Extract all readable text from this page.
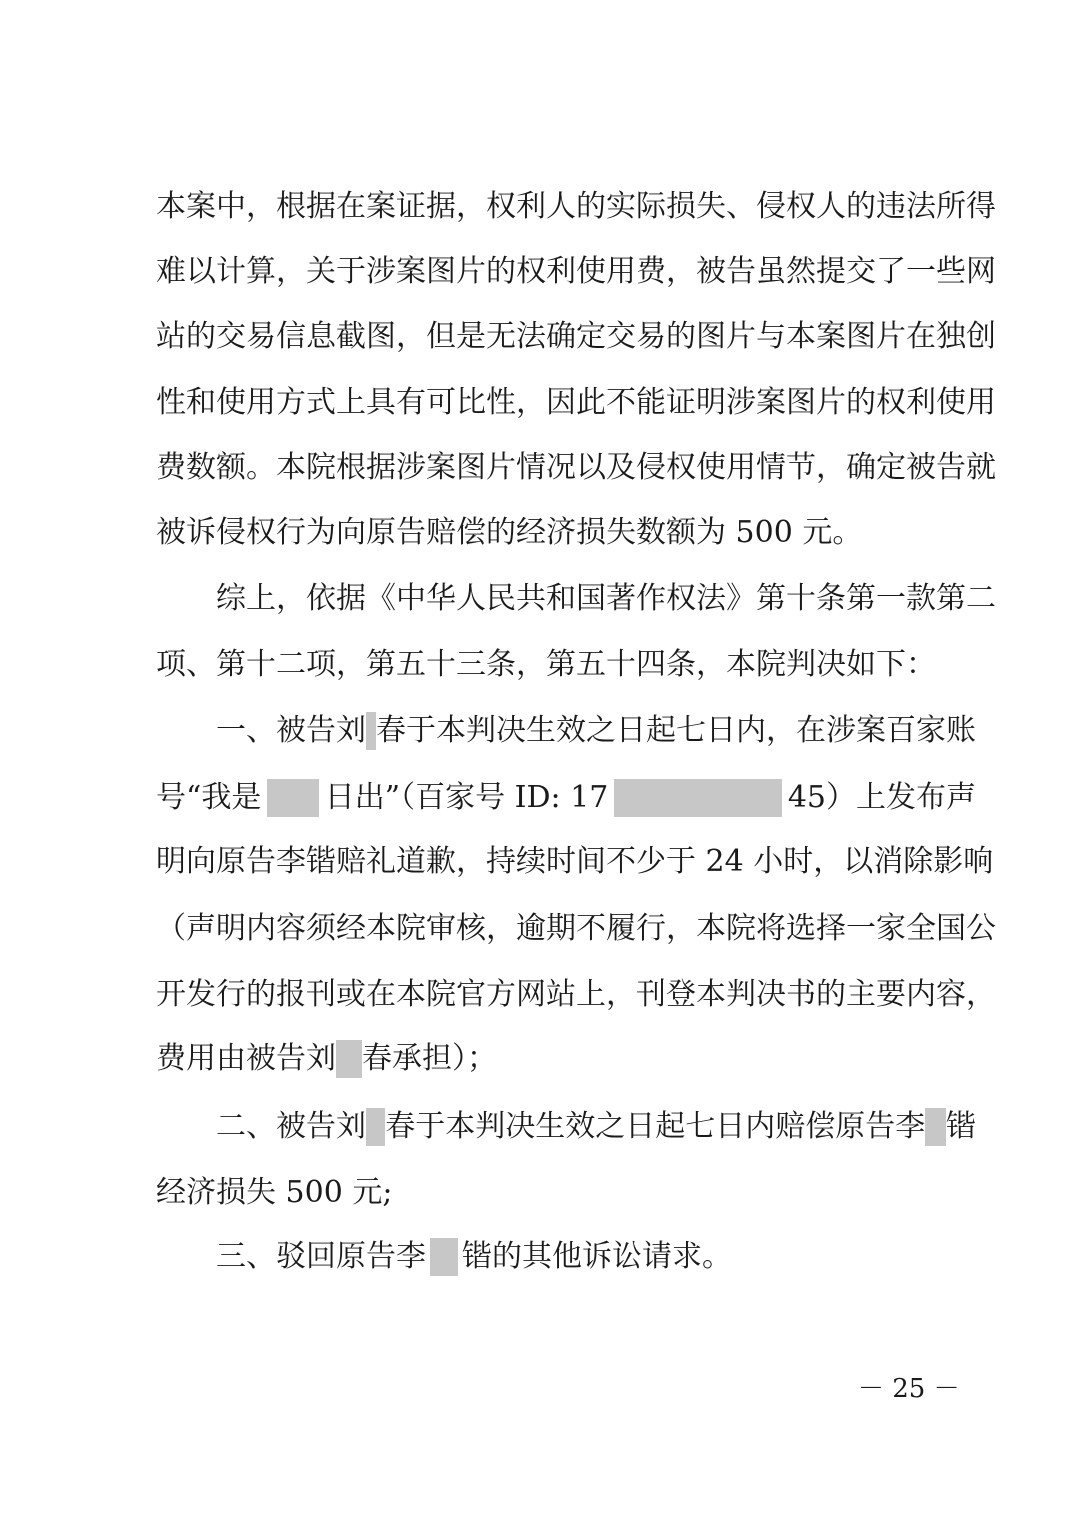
本案中，根据在案证据，权利人的实际损失、侵权人的违法所得
难以计算，关于涉案图片的权利使用费，被告虽然提交了一些网
站的交易信息截图，但是无法确定交易的图片与本案图片在独创
性和使用方式上具有可比性，因此不能证明涉案图片的权利使用
费数额。本院根据涉案图片情况以及侵权使用情节，确定被告就
被诉侵权行为向原告赔偿的经济损失数额为 500 元。
综上，依据《中华人民共和国著作权法》第十条第一款第二
项、第十二项，第五十三条，第五十四条，本院判决如下：
一、被告刘 春于本判决生效之日起七日内，在涉案百家账
号“我是 日出”（百家号 ID: 17	45）上发布声
明向原告李 锴赔礼道歉，持续时间不少于 24 小时，以消除影响
（声明内容须经本院审核，逾期不履行，本院将选择一家全国公
开发行的报刊或在本院官方网站上，刊登本判决书的主要内容，
费用由被告刘 春承担）；
二、被告刘 春于本判决生效之日起七日内赔偿原告李 锴
经济损失 500 元;
三、驳回原告李 锴的其他诉讼请求。
－ 25 －
